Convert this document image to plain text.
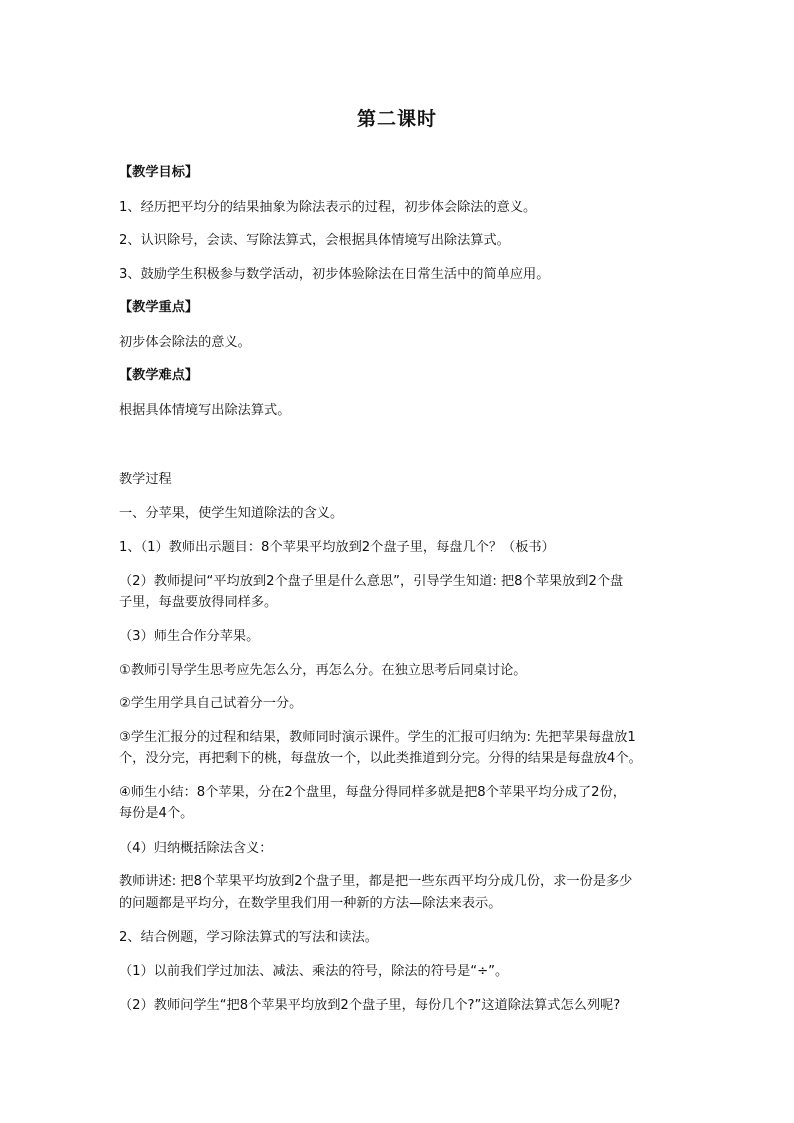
第二课时
【教学目标】
1、经历把平均分的结果抽象为除法表示的过程，初步体会除法的意义。
2、认识除号，会读、写除法算式，会根据具体情境写出除法算式。
3、鼓励学生积极参与数学活动，初步体验除法在日常生活中的简单应用。
【教学重点】
初步体会除法的意义。
【教学难点】
根据具体情境写出除法算式。
教学过程
一、分苹果，使学生知道除法的含义。
1、（1）教师出示题目：8个苹果平均放到2个盘子里，每盘几个？（板书）
（2）教师提问“平均放到2个盘子里是什么意思”，引导学生知道: 把8个苹果放到2个盘
子里，每盘要放得同样多。
（3）师生合作分苹果。
①教师引导学生思考应先怎么分，再怎么分。在独立思考后同桌讨论。
②学生用学具自己试着分一分。
③学生汇报分的过程和结果，教师同时演示课件。学生的汇报可归纳为: 先把苹果每盘放1
个，没分完，再把剩下的桃，每盘放一个，以此类推道到分完。分得的结果是每盘放4个。
④师生小结：8个苹果，分在2个盘里，每盘分得同样多就是把8个苹果平均分成了2份，
每份是4个。
（4）归纳概括除法含义：
教师讲述: 把8个苹果平均放到2个盘子里，都是把一些东西平均分成几份，求一份是多少
的问题都是平均分，在数学里我们用一种新的方法—除法来表示。
2、结合例题，学习除法算式的写法和读法。
（1）以前我们学过加法、减法、乘法的符号，除法的符号是“÷”。
（2）教师问学生“把8个苹果平均放到2个盘子里，每份几个?”这道除法算式怎么列呢?
